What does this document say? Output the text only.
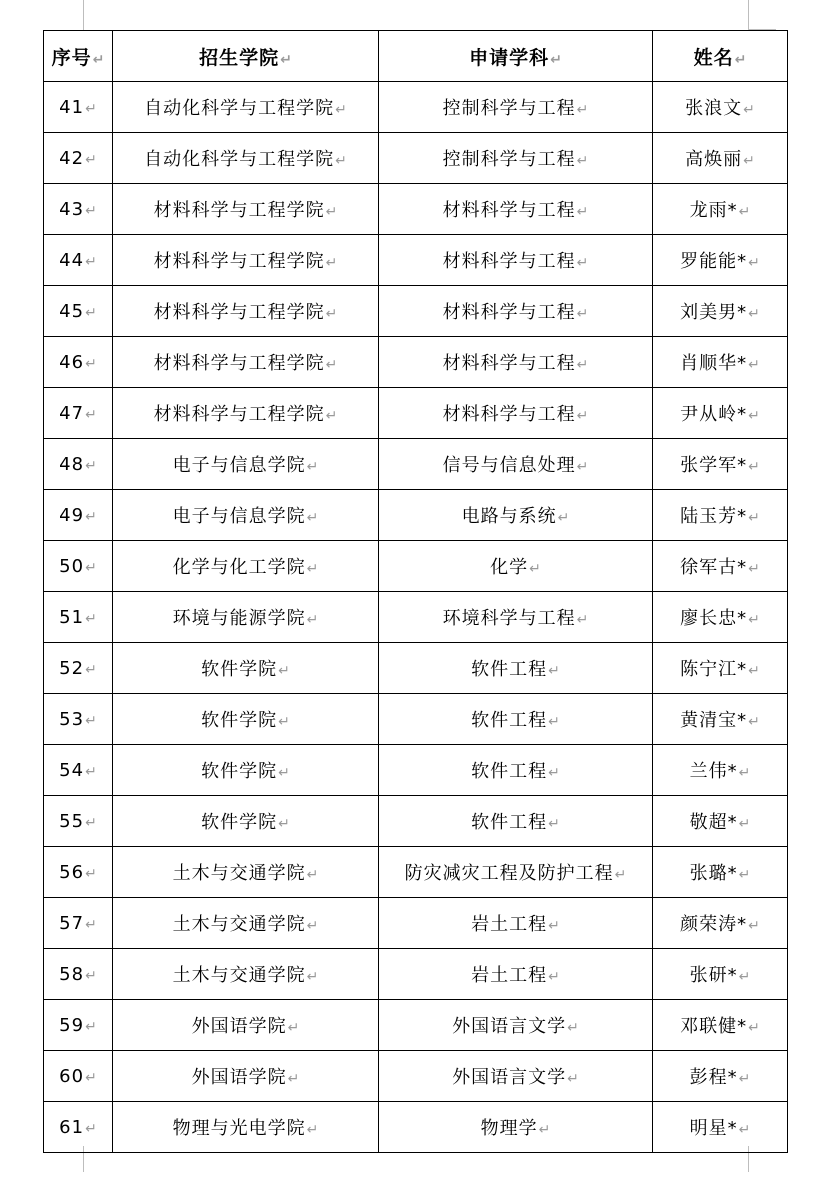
序号↵	招生学院↵	申请学科↵	姓名↵
41↵	自动化科学与工程学院↵	控制科学与工程↵	张浪文↵
42↵	自动化科学与工程学院↵	控制科学与工程↵	高焕丽↵
43↵	材料科学与工程学院↵	材料科学与工程↵	龙雨*↵
44↵	材料科学与工程学院↵	材料科学与工程↵	罗能能*↵
45↵	材料科学与工程学院↵	材料科学与工程↵	刘美男*↵
46↵	材料科学与工程学院↵	材料科学与工程↵	肖顺华*↵
47↵	材料科学与工程学院↵	材料科学与工程↵	尹从岭*↵
48↵	电子与信息学院↵	信号与信息处理↵	张学军*↵
49↵	电子与信息学院↵	电路与系统↵	陆玉芳*↵
50↵	化学与化工学院↵	化学↵	徐军古*↵
51↵	环境与能源学院↵	环境科学与工程↵	廖长忠*↵
52↵	软件学院↵	软件工程↵	陈宁江*↵
53↵	软件学院↵	软件工程↵	黄清宝*↵
54↵	软件学院↵	软件工程↵	兰伟*↵
55↵	软件学院↵	软件工程↵	敬超*↵
56↵	土木与交通学院↵	防灾减灾工程及防护工程↵	张璐*↵
57↵	土木与交通学院↵	岩土工程↵	颜荣涛*↵
58↵	土木与交通学院↵	岩土工程↵	张研*↵
59↵	外国语学院↵	外国语言文学↵	邓联健*↵
60↵	外国语学院↵	外国语言文学↵	彭程*↵
61↵	物理与光电学院↵	物理学↵	明星*↵
